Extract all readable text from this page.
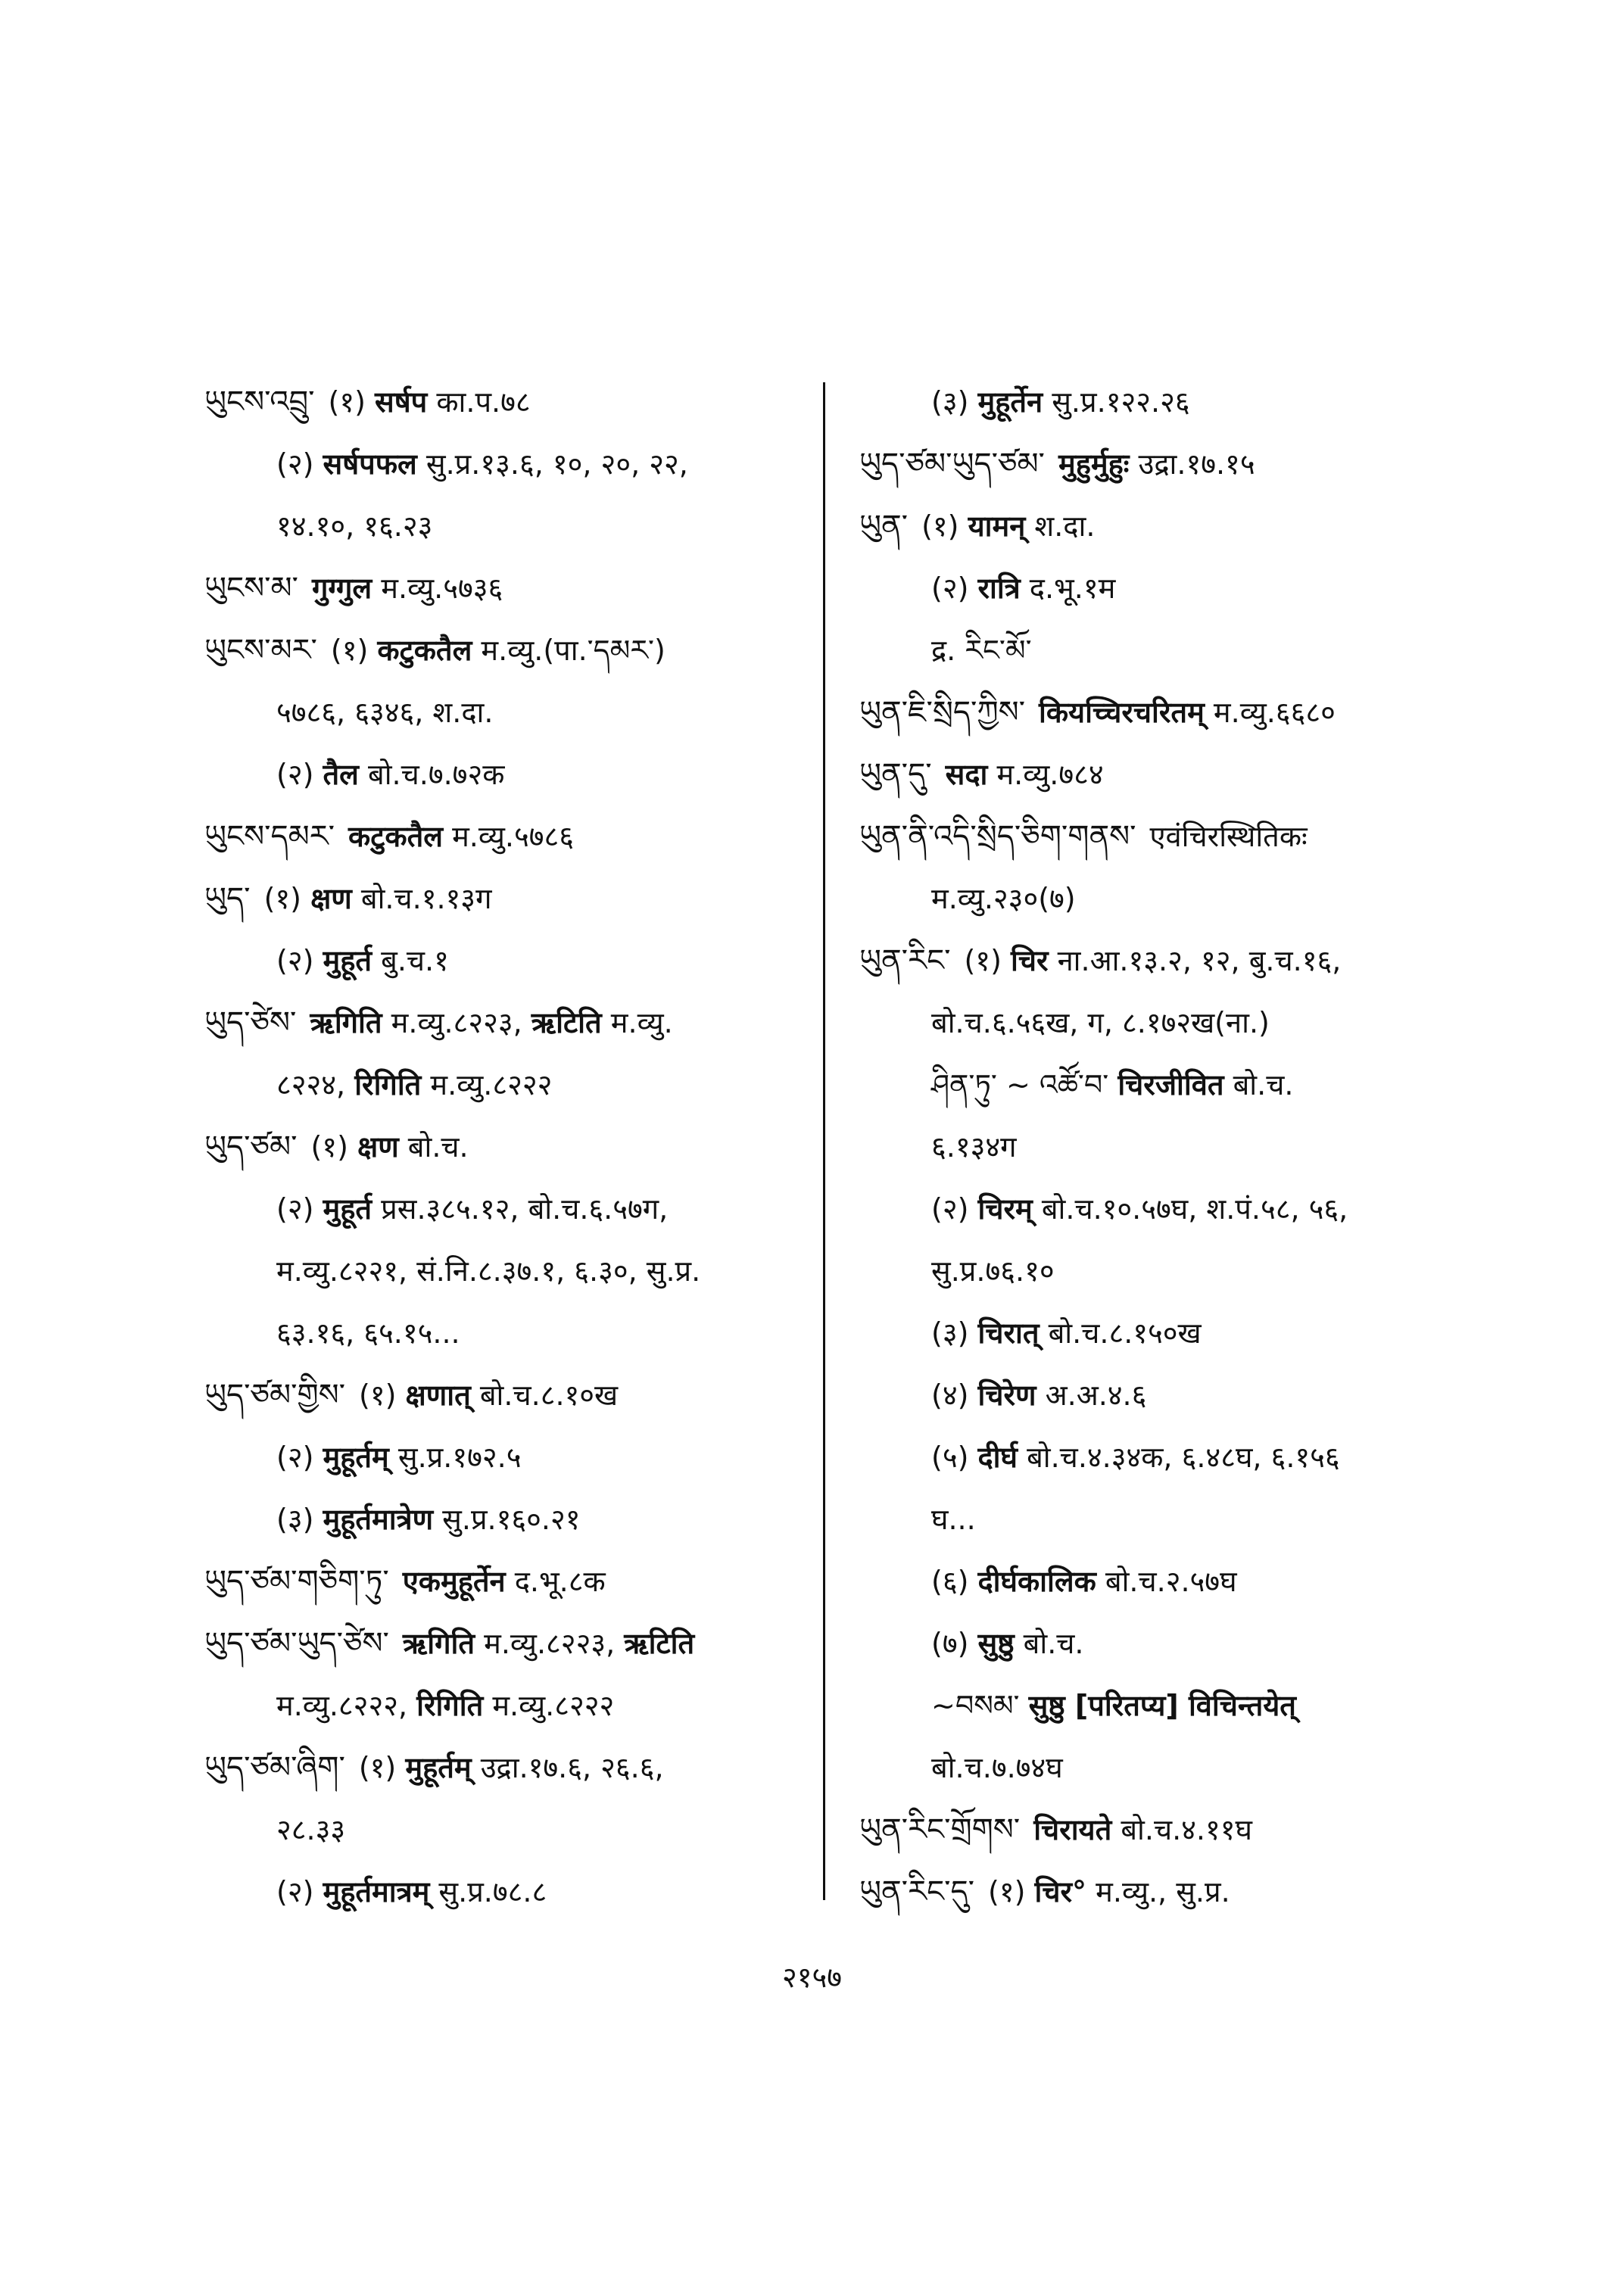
ཡུངས་འབྲུ་ (१) सर्षप का.प.७८
(२) सर्षपफल सु.प्र.१३.६, १०, २०, २२,
१४.१०, १६.२३
ཡུངས་མ་ गुग्गुल म.व्यु.५७३६
ཡུངས་མར་ (१) कटुकतैल म.व्यु.(पा.་དམར་)
५७८६, ६३४६, श.दा.
(२) तैल बो.च.७.७२क
ཡུངས་དམར་ कटुकतैल म.व्यु.५७८६
ཡུད་ (१) क्षण बो.च.१.१३ग
(२) मुहूर्त बु.च.१
ཡུད་ཙེས་ ऋगिति म.व्यु.८२२३, ऋटिति म.व्यु.
८२२४, रिगिति म.व्यु.८२२२
ཡུད་ཙམ་ (१) क्षण बो.च.
(२) मुहूर्त प्रस.३८५.१२, बो.च.६.५७ग,
म.व्यु.८२२१, सं.नि.८.३७.१, ६.३०, सु.प्र.
६३.१६, ६५.१५...
ཡུད་ཙམ་གྱིས་ (१) क्षणात् बो.च.८.१०ख
(२) मुहूर्तम् सु.प्र.१७२.५
(३) मुहूर्तमात्रेण सु.प्र.१६०.२१
ཡུད་ཙམ་གཅིག་ཏུ་ एकमुहूर्तेन द.भू.८क
ཡུད་ཙམ་ཡུད་ཙེས་ ऋगिति म.व्यु.८२२३, ऋटिति
म.व्यु.८२२२, रिगिति म.व्यु.८२२२
ཡུད་ཙམ་ཞིག་ (१) मुहूर्तम् उद्रा.१७.६, २६.६,
२८.३३
(२) मुहूर्तमात्रम् सु.प्र.७८.८
(३) मुहूर्तेन सु.प्र.१२२.२६
ཡུད་ཙམ་ཡུད་ཙམ་ मुहुर्मुहुः उद्रा.१७.१५
ཡུན་ (१) यामन् श.दा.
(२) रात्रि द.भू.१म
द्र. རིང་མོ་
ཡུན་ཇི་སྲིད་ཀྱིས་ कियच्चिरचरितम् म.व्यु.६६८०
ཡུན་དུ་ सदा म.व्यु.७८४
ཡུན་ནི་འདི་སྲིད་ཅིག་གནས་ एवंचिरस्थितिकः
म.व्यु.२३०(७)
ཡུན་རིང་ (१) चिर ना.आ.१३.२, १२, बु.च.१६,
बो.च.६.५६ख, ग, ८.१७२ख(ना.)
ཤིན་ཏུ་ ~ འཚོ་བ་ चिरजीवित बो.च.
६.१३४ग
(२) चिरम् बो.च.१०.५७घ, श.पं.५८, ५६,
सु.प्र.७६.१०
(३) चिरात् बो.च.८.१५०ख
(४) चिरेण अ.अ.४.६
(५) दीर्घ बो.च.४.३४क, ६.४८घ, ६.१५६
घ...
(६) दीर्घकालिक बो.च.२.५७घ
(७) सुष्ठु बो.च.
~བསམ་ सुष्ठु [परितप्य] विचिन्तयेत्
बो.च.७.७४घ
ཡུན་རིང་གྲོགས་ चिरायते बो.च.४.११घ
ཡུན་རིང་དུ་ (१) चिर° म.व्यु., सु.प्र.
२१५७
